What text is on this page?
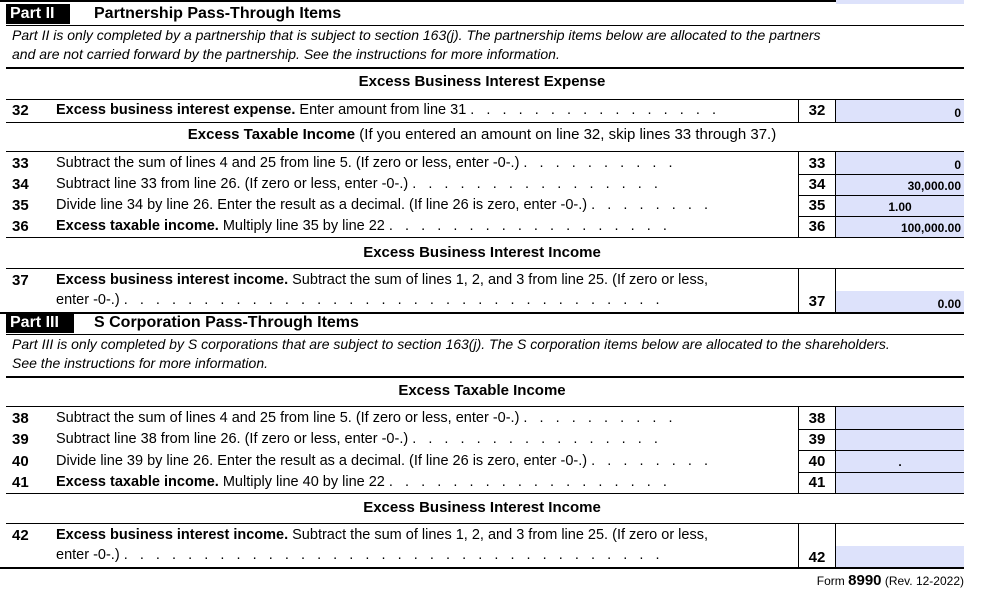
Part II	Partnership Pass-Through Items
Part II is only completed by a partnership that is subject to section 163(j). The partnership items below are allocated to the partners
and are not carried forward by the partnership. See the instructions for more information.
Excess Business Interest Expense
32 Excess business interest expense. Enter amount from line 31 .   .   .   .   .   .   .   .   .   .   .   .   .   .   .   .	32	0
Excess Taxable Income (If you entered an amount on line 32, skip lines 33 through 37.)
33 Subtract the sum of lines 4 and 25 from line 5. (If zero or less, enter -0-.) .   .   .   .   .   .   .   .   .   .	33	0
34 Subtract line 33 from line 26. (If zero or less, enter -0-.) .   .   .   .   .   .   .   .   .   .   .   .   .   .   .   .	34	30,000.00
35 Divide line 34 by line 26. Enter the result as a decimal. (If line 26 is zero, enter -0-.) .   .   .   .   .   .   .   .	35	1.00
36 Excess taxable income. Multiply line 35 by line 22 .   .   .   .   .   .   .   .   .   .   .   .   .   .   .   .   .   .	36	100,000.00
Excess Business Interest Income
37 Excess business interest income. Subtract the sum of lines 1, 2, and 3 from line 25. (If zero or less,
enter -0-.) .   .   .   .   .   .   .   .   .   .   .   .   .   .   .   .   .   .   .   .   .   .   .   .   .   .   .   .   .   .   .   .   .   .	37	0.00
Part III	S Corporation Pass-Through Items
Part III is only completed by S corporations that are subject to section 163(j). The S corporation items below are allocated to the shareholders.
See the instructions for more information.
Excess Taxable Income
38 Subtract the sum of lines 4 and 25 from line 5. (If zero or less, enter -0-.) .   .   .   .   .   .   .   .   .   .	38
39 Subtract line 38 from line 26. (If zero or less, enter -0-.) .   .   .   .   .   .   .   .   .   .   .   .   .   .   .   .	39
40 Divide line 39 by line 26. Enter the result as a decimal. (If line 26 is zero, enter -0-.) .   .   .   .   .   .   .   .	40	.
41 Excess taxable income. Multiply line 40 by line 22 .   .   .   .   .   .   .   .   .   .   .   .   .   .   .   .   .   .	41
Excess Business Interest Income
42 Excess business interest income. Subtract the sum of lines 1, 2, and 3 from line 25. (If zero or less,
enter -0-.) .   .   .   .   .   .   .   .   .   .   .   .   .   .   .   .   .   .   .   .   .   .   .   .   .   .   .   .   .   .   .   .   .   .	42
Form 8990 (Rev. 12-2022)
